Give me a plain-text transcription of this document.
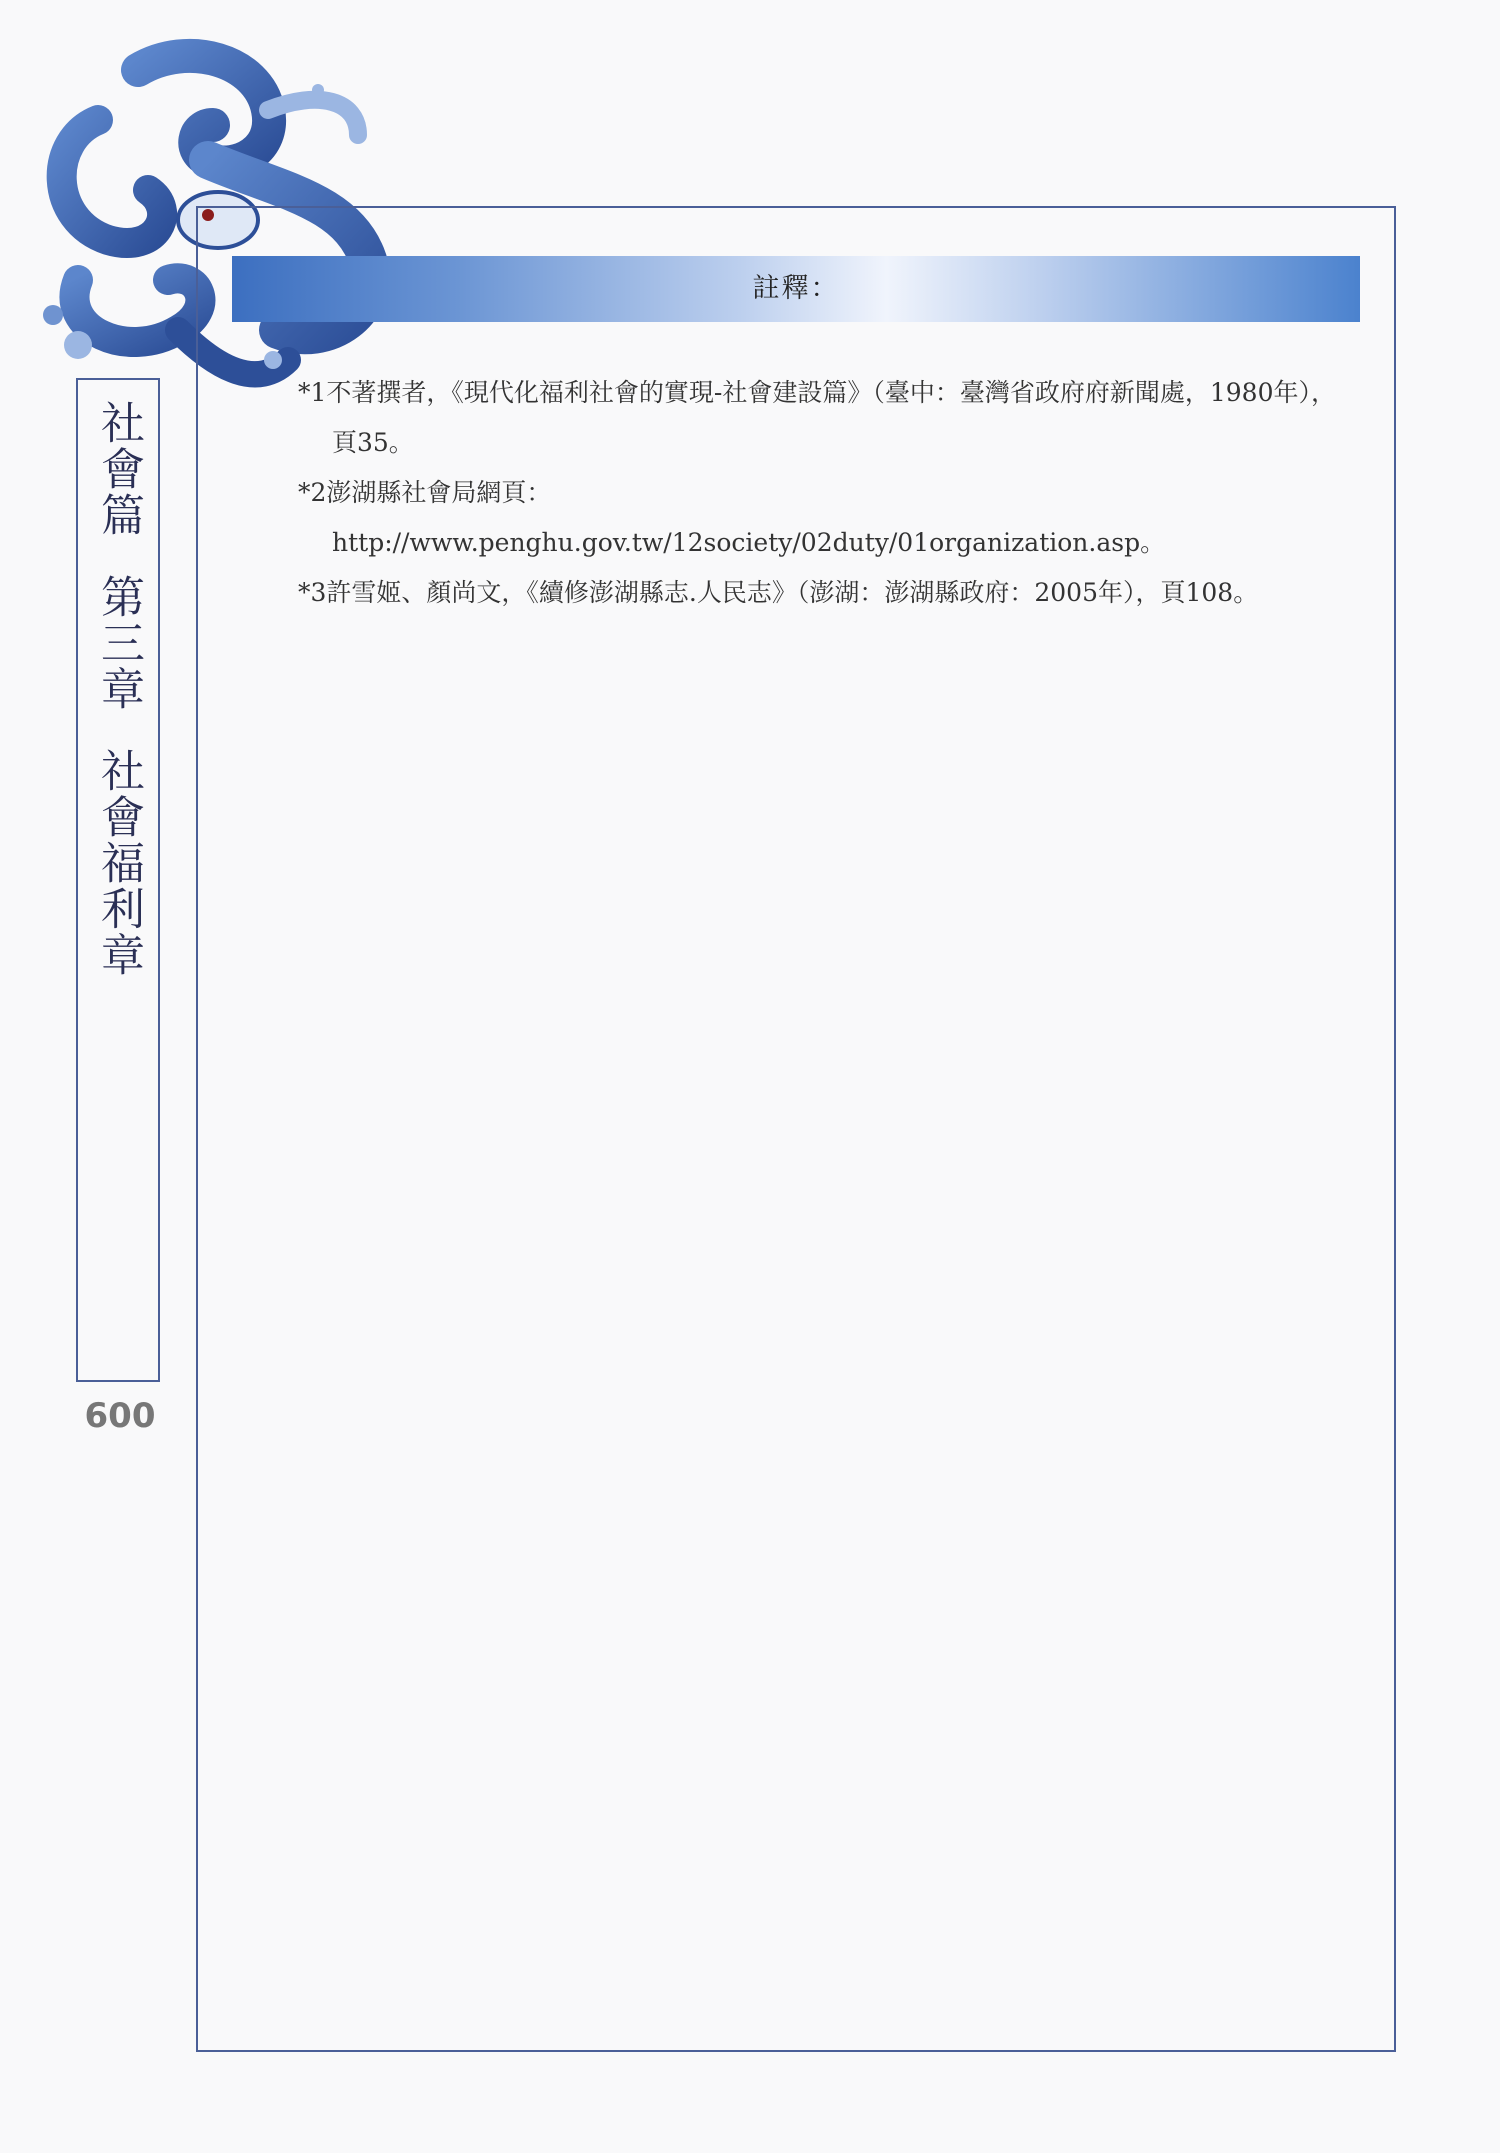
社會篇
第三章
社會福利章
600
註釋：
*1不著撰者，《現代化福利社會的實現-社會建設篇》（臺中：臺灣省政府府新聞處，1980年），頁35。
*2澎湖縣社會局網頁：http://www.penghu.gov.tw/12society/02duty/01organization.asp。
*3許雪姬、顏尚文，《續修澎湖縣志.人民志》（澎湖：澎湖縣政府：2005年），頁108。
